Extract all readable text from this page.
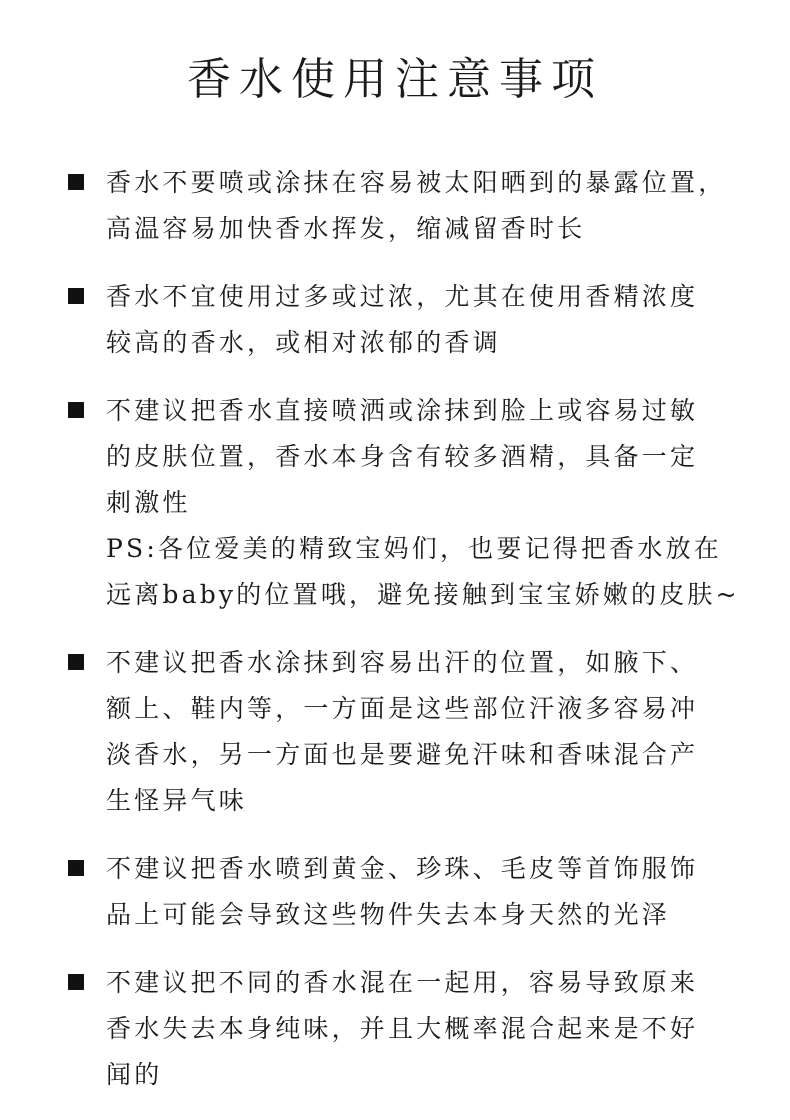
香水使用注意事项
香水不要喷或涂抹在容易被太阳晒到的暴露位置，
高温容易加快香水挥发，缩减留香时长
香水不宜使用过多或过浓，尤其在使用香精浓度
较高的香水，或相对浓郁的香调
不建议把香水直接喷洒或涂抹到脸上或容易过敏
的皮肤位置，香水本身含有较多酒精，具备一定
刺激性
PS:各位爱美的精致宝妈们，也要记得把香水放在
远离baby的位置哦，避免接触到宝宝娇嫩的皮肤~
不建议把香水涂抹到容易出汗的位置，如腋下、
额上、鞋内等，一方面是这些部位汗液多容易冲
淡香水，另一方面也是要避免汗味和香味混合产
生怪异气味
不建议把香水喷到黄金、珍珠、毛皮等首饰服饰
品上可能会导致这些物件失去本身天然的光泽
不建议把不同的香水混在一起用，容易导致原来
香水失去本身纯味，并且大概率混合起来是不好
闻的
